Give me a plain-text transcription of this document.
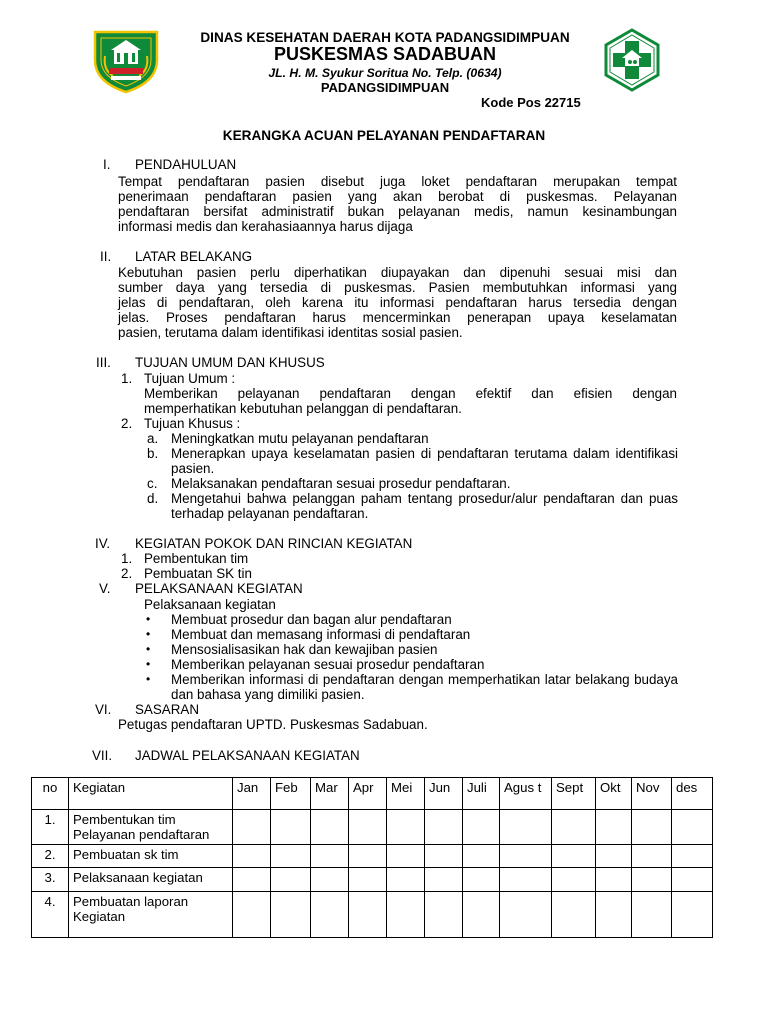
DINAS KESEHATAN DAERAH KOTA PADANGSIDIMPUAN
PUSKESMAS SADABUAN
JL. H. M. Syukur Soritua No. Telp. (0634)
PADANGSIDIMPUAN
Kode Pos 22715
KERANGKA ACUAN PELAYANAN PENDAFTARAN
I. PENDAHULUAN
Tempat pendaftaran pasien disebut juga loket pendaftaran merupakan tempat
penerimaan pendaftaran pasien yang akan berobat di puskesmas. Pelayanan
pendaftaran bersifat administratif bukan pelayanan medis, namun kesinambungan
informasi medis dan kerahasiaannya harus dijaga
II. LATAR BELAKANG
Kebutuhan pasien perlu diperhatikan diupayakan dan dipenuhi sesuai misi dan
sumber daya yang tersedia di puskesmas. Pasien membutuhkan informasi yang
jelas di pendaftaran, oleh karena itu informasi pendaftaran harus tersedia dengan
jelas. Proses pendaftaran harus mencerminkan penerapan upaya keselamatan
pasien, terutama dalam identifikasi identitas sosial pasien.
III. TUJUAN UMUM DAN KHUSUS
1. Tujuan Umum :
Memberikan pelayanan pendaftaran dengan efektif dan efisien dengan
memperhatikan kebutuhan pelanggan di pendaftaran.
2. Tujuan Khusus :
a. Meningkatkan mutu pelayanan pendaftaran
b. Menerapkan upaya keselamatan pasien di pendaftaran terutama dalam identifikasi pasien.
c. Melaksanakan pendaftaran sesuai prosedur pendaftaran.
d. Mengetahui bahwa pelanggan paham tentang prosedur/alur pendaftaran dan puas terhadap pelayanan pendaftaran.
IV. KEGIATAN POKOK DAN RINCIAN KEGIATAN
1. Pembentukan tim
2. Pembuatan SK tin
V. PELAKSANAAN KEGIATAN
Pelaksanaan kegiatan
• Membuat prosedur dan bagan alur pendaftaran
• Membuat dan memasang informasi di pendaftaran
• Mensosialisasikan hak dan kewajiban pasien
• Memberikan pelayanan sesuai prosedur pendaftaran
• Memberikan informasi di pendaftaran dengan memperhatikan latar belakang budaya dan bahasa yang dimiliki pasien.
VI. SASARAN
Petugas pendaftaran UPTD. Puskesmas Sadabuan.
VII. JADWAL PELAKSANAAN KEGIATAN
no	Kegiatan	Jan	Feb	Mar	Apr	Mei	Jun	Juli	Agus t	Sept	Okt	Nov	des
1.	Pembentukan tim Pelayanan pendaftaran												
2.	Pembuatan sk tim												
3.	Pelaksanaan kegiatan												
4.	Pembuatan laporan Kegiatan												
